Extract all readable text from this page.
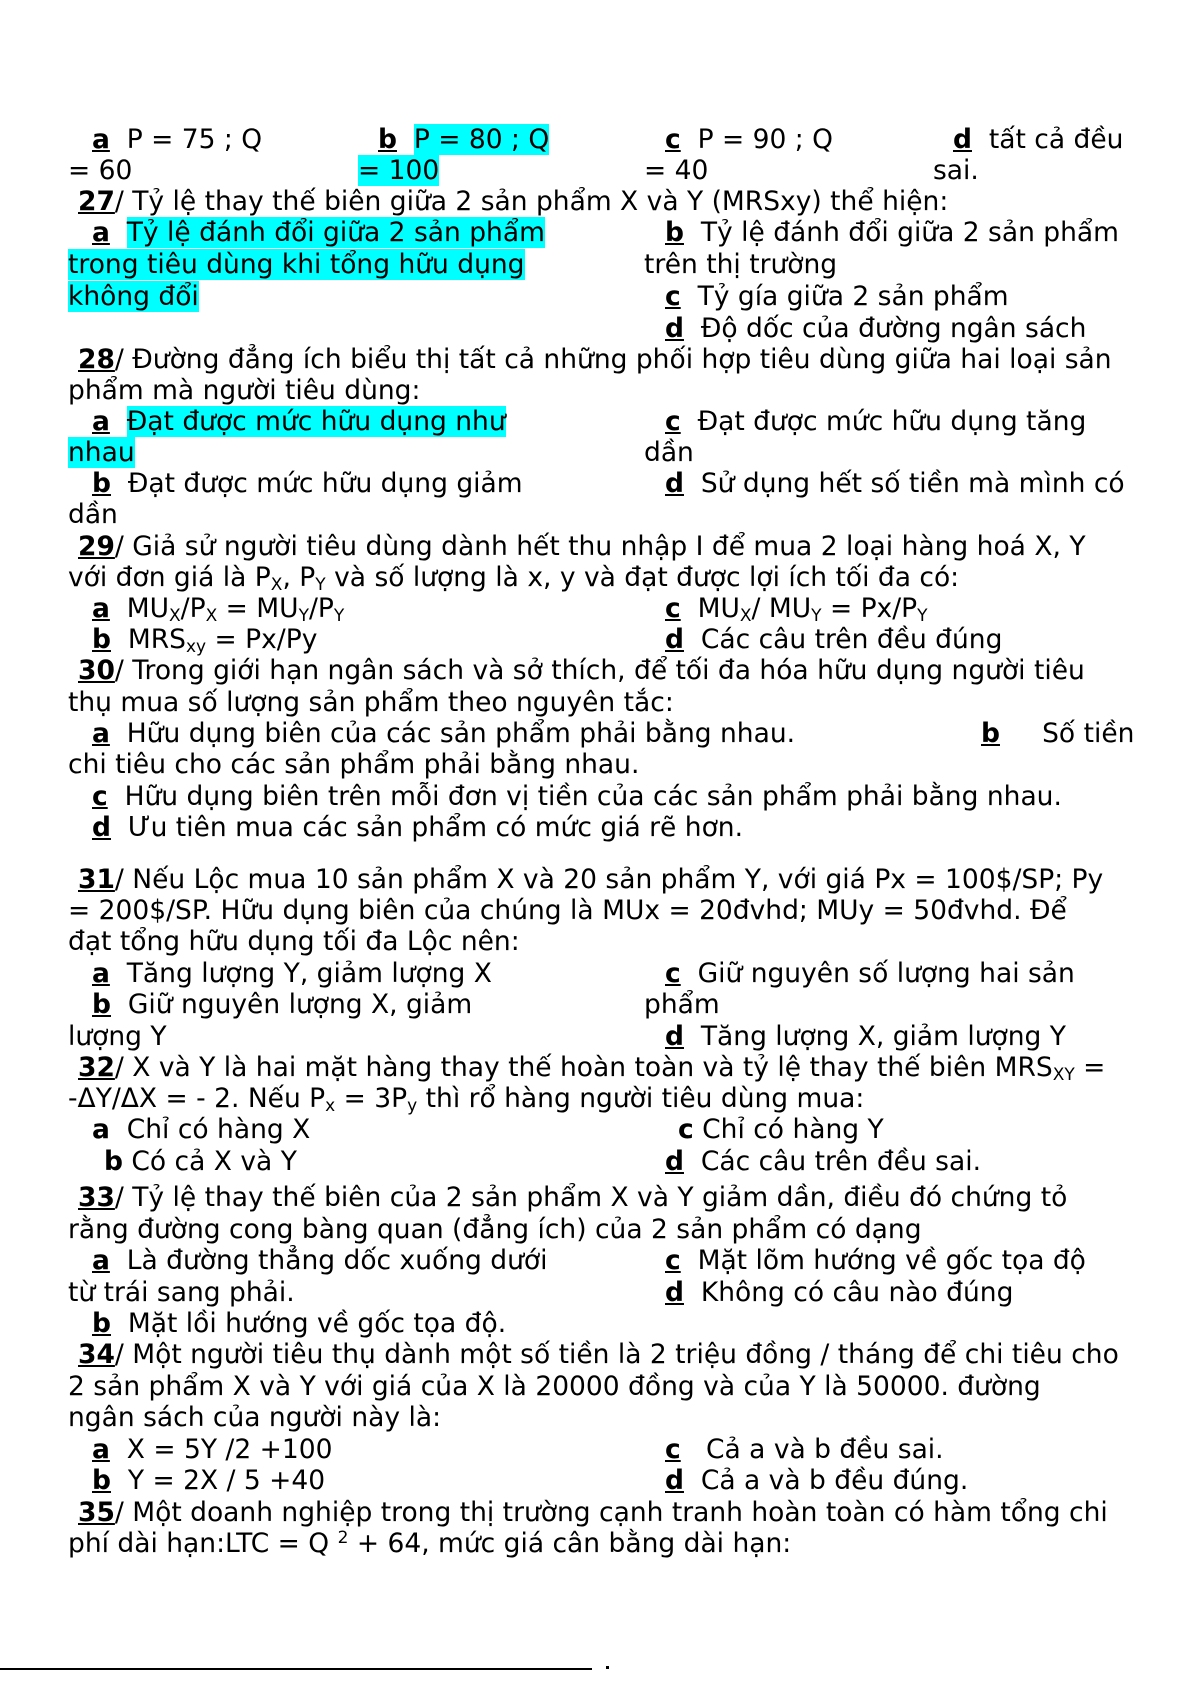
a P = 75 ; Q
= 60
b P = 80 ; Q
= 100
c P = 90 ; Q
= 40
d tất cả đều
sai.
27/ Tỷ lệ thay thế biên giữa 2 sản phẩm X và Y (MRSxy) thể hiện:
a Tỷ lệ đánh đổi giữa 2 sản phẩm
trong tiêu dùng khi tổng hữu dụng
không đổi
b Tỷ lệ đánh đổi giữa 2 sản phẩm
trên thị trường
c Tỷ gía giữa 2 sản phẩm
d Độ dốc của đường ngân sách
28/ Đường đẳng ích biểu thị tất cả những phối hợp tiêu dùng giữa hai loại sản
phẩm mà người tiêu dùng:
a Đạt được mức hữu dụng như
nhau
c Đạt được mức hữu dụng tăng
dần
b Đạt được mức hữu dụng giảm
dần
d Sử dụng hết số tiền mà mình có
29/ Giả sử người tiêu dùng dành hết thu nhập I để mua 2 loại hàng hoá X, Y
với đơn giá là $P_X$, $P_Y$ và số lượng là x, y và đạt được lợi ích tối đa có:
a $MU_X/P_X = MU_Y/P_Y$	c $MU_X/$ $MU_Y = Px/P_Y$
b $MRS_{xy} = Px/Py$	d Các câu trên đều đúng
30/ Trong giới hạn ngân sách và sở thích, để tối đa hóa hữu dụng người tiêu
thụ mua số lượng sản phẩm theo nguyên tắc:
a Hữu dụng biên của các sản phẩm phải bằng nhau.	b Số tiền
chi tiêu cho các sản phẩm phải bằng nhau.
c Hữu dụng biên trên mỗi đơn vị tiền của các sản phẩm phải bằng nhau.
d Ưu tiên mua các sản phẩm có mức giá rẽ hơn.
31/ Nếu Lộc mua 10 sản phẩm X và 20 sản phẩm Y, với giá Px = 100$/SP; Py
= 200$/SP. Hữu dụng biên của chúng là MUx = 20đvhd; MUy = 50đvhd. Để
đạt tổng hữu dụng tối đa Lộc nên:
a Tăng lượng Y, giảm lượng X	c Giữ nguyên số lượng hai sản
b Giữ nguyên lượng X, giảm	phẩm
lượng Y	d Tăng lượng X, giảm lượng Y
32/ X và Y là hai mặt hàng thay thế hoàn toàn và tỷ lệ thay thế biên $MRS_{XY}$ =
-ΔY/ΔX = - 2. Nếu $P_x = 3P_y$ thì rổ hàng người tiêu dùng mua:
a Chỉ có hàng X	c Chỉ có hàng Y
b Có cả X và Y	d Các câu trên đều sai.
33/ Tỷ lệ thay thế biên của 2 sản phẩm X và Y giảm dần, điều đó chứng tỏ
rằng đường cong bàng quan (đẳng ích) của 2 sản phẩm có dạng
a Là đường thẳng dốc xuống dưới	c Mặt lõm hướng về gốc tọa độ
từ trái sang phải.	d Không có câu nào đúng
b Mặt lồi hướng về gốc tọa độ.
34/ Một người tiêu thụ dành một số tiền là 2 triệu đồng / tháng để chi tiêu cho
2 sản phẩm X và Y với giá của X là 20000 đồng và của Y là 50000. đường
ngân sách của người này là:
a X = 5Y /2 +100	c   Cả a và b đều sai.
b Y = 2X / 5 +40	d Cả a và b đều đúng.
35/ Một doanh nghiệp trong thị trường cạnh tranh hoàn toàn có hàm tổng chi
phí dài hạn:LTC = Q $^2$ + 64, mức giá cân bằng dài hạn:
